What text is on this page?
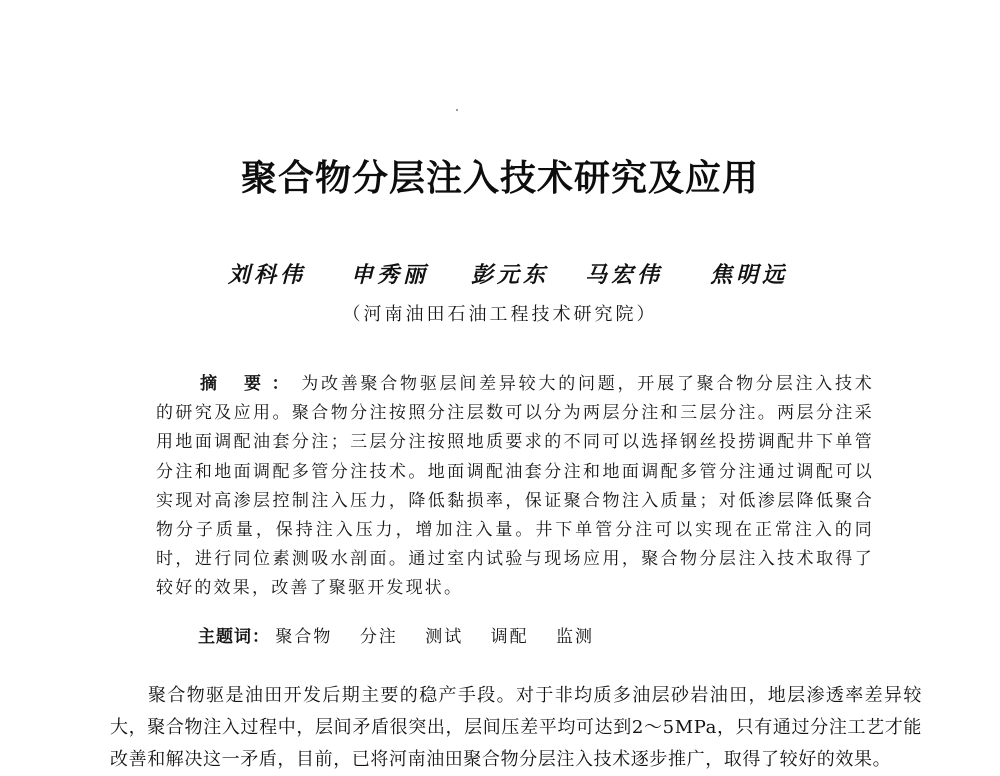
聚合物分层注入技术研究及应用
刘科伟 申秀丽 彭元东 马宏伟 焦明远
（河南油田石油工程技术研究院）
摘 要： 为改善聚合物驱层间差异较大的问题，开展了聚合物分层注入技术的研究及应用。聚合物分注按照分注层数可以分为两层分注和三层分注。两层分注采用地面调配油套分注；三层分注按照地质要求的不同可以选择钢丝投捞调配井下单管分注和地面调配多管分注技术。地面调配油套分注和地面调配多管分注通过调配可以实现对高渗层控制注入压力，降低黏损率，保证聚合物注入质量；对低渗层降低聚合物分子质量，保持注入压力，增加注入量。井下单管分注可以实现在正常注入的同时，进行同位素测吸水剖面。通过室内试验与现场应用，聚合物分层注入技术取得了较好的效果，改善了聚驱开发现状。
主题词： 聚合物 分注 测试 调配 监测
聚合物驱是油田开发后期主要的稳产手段。对于非均质多油层砂岩油田，地层渗透率差异较大，聚合物注入过程中，层间矛盾很突出，层间压差平均可达到2～5MPa，只有通过分注工艺才能改善和解决这一矛盾，目前，已将河南油田聚合物分层注入技术逐步推广，取得了较好的效果。
